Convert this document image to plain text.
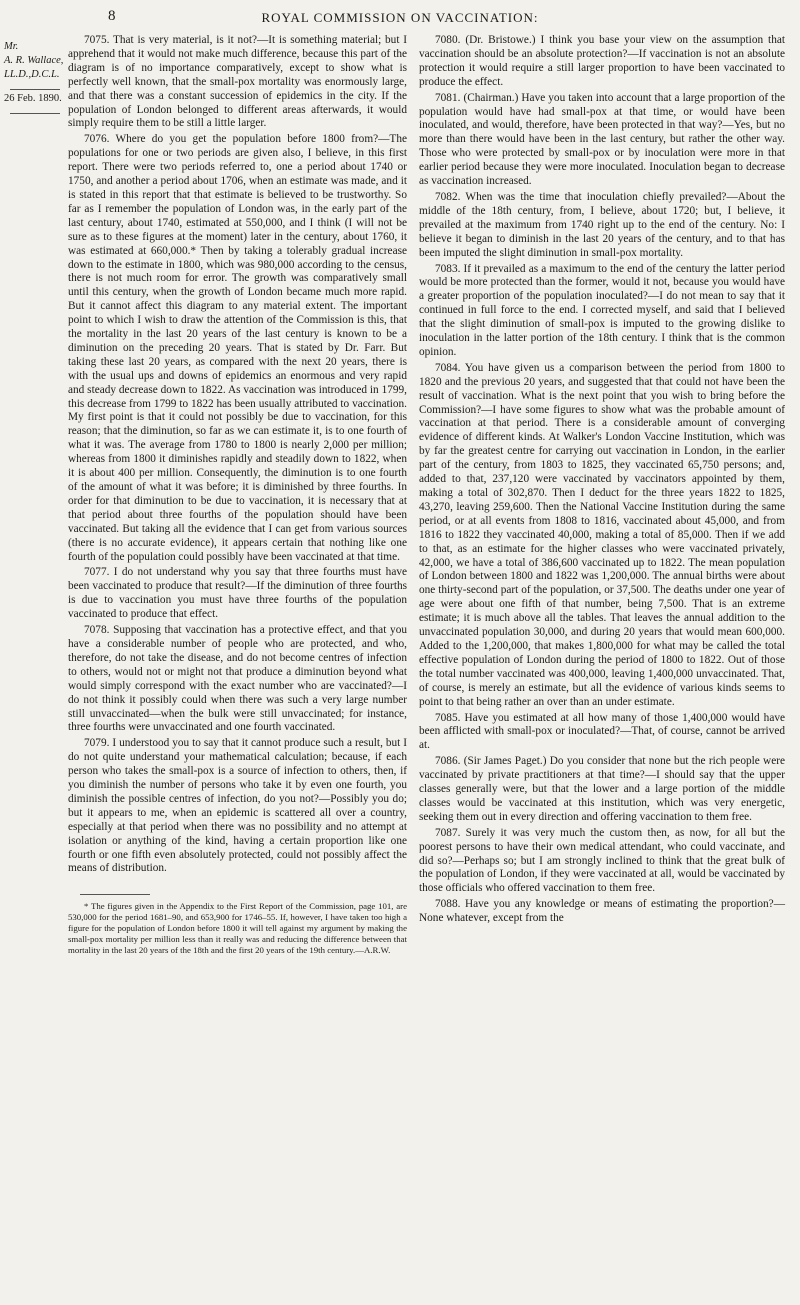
8	ROYAL COMMISSION ON VACCINATION:
Mr.
A. R. Wallace,
LL.D.,D.C.L.
26 Feb. 1890.

7075. That is very material, is it not?—It is something material; but I apprehend that it would not make much difference, because this part of the diagram is of no importance comparatively, except to show what is perfectly well known, that the small-pox mortality was enormously large, and that there was a constant succession of epidemics in the city. If the population of London belonged to different areas afterwards, it would simply require them to be still a little larger.

7076. Where do you get the population before 1800 from?—The populations for one or two periods are given also, I believe, in this first report. There were two periods referred to, one a period about 1740 or 1750, and another a period about 1706, when an estimate was made, and it is stated in this report that that estimate is believed to be trustworthy. So far as I remember the population of London was, in the early part of the last century, about 1740, estimated at 550,000, and I think (I will not be sure as to these figures at the moment) later in the century, about 1760, it was estimated at 660,000.* Then by taking a tolerably gradual increase down to the estimate in 1800, which was 980,000 according to the census, there is not much room for error. The growth was comparatively small until this century, when the growth of London became much more rapid. But it cannot affect this diagram to any material extent. The important point to which I wish to draw the attention of the Commission is this, that the mortality in the last 20 years of the last century is known to be a diminution on the preceding 20 years. That is stated by Dr. Farr. But taking these last 20 years, as compared with the next 20 years, there is with the usual ups and downs of epidemics an enormous and very rapid and steady decrease down to 1822. As vaccination was introduced in 1799, this decrease from 1799 to 1822 has been usually attributed to vaccination. My first point is that it could not possibly be due to vaccination, for this reason; that the diminution, so far as we can estimate it, is to one fourth of what it was. The average from 1780 to 1800 is nearly 2,000 per million; whereas from 1800 it diminishes rapidly and steadily down to 1822, when it is about 400 per million. Consequently, the diminution is to one fourth of the amount of what it was before; it is diminished by three fourths. In order for that diminution to be due to vaccination, it is necessary that at that period about three fourths of the population should have been vaccinated. But taking all the evidence that I can get from various sources (there is no accurate evidence), it appears certain that nothing like one fourth of the population could possibly have been vaccinated at that time.

7077. I do not understand why you say that three fourths must have been vaccinated to produce that result?—If the diminution of three fourths is due to vaccination you must have three fourths of the population vaccinated to produce that effect.

7078. Supposing that vaccination has a protective effect, and that you have a considerable number of people who are protected, and who, therefore, do not take the disease, and do not become centres of infection to others, would not or might not that produce a diminution beyond what would simply correspond with the exact number who are vaccinated?—I do not think it possibly could when there was such a very large number still unvaccinated—when the bulk were still unvaccinated; for instance, three fourths were unvaccinated and one fourth vaccinated.

7079. I understood you to say that it cannot produce such a result, but I do not quite understand your mathematical calculation; because, if each person who takes the small-pox is a source of infection to others, then, if you diminish the number of persons who take it by even one fourth, you diminish the possible centres of infection, do you not?—Possibly you do; but it appears to me, when an epidemic is scattered all over a country, especially at that period when there was no possibility and no attempt at isolation or anything of the kind, having a certain proportion like one fourth or one fifth even absolutely protected, could not possibly affect the means of distribution.

* The figures given in the Appendix to the First Report of the Commission, page 101, are 530,000 for the period 1681–90, and 653,900 for 1746–55. If, however, I have taken too high a figure for the population of London before 1800 it will tell against my argument by making the small-pox mortality per million less than it really was and reducing the difference between that mortality in the last 20 years of the 18th and the first 20 years of the 19th century.—A.R.W.

7080. (Dr. Bristowe.) I think you base your view on the assumption that vaccination should be an absolute protection?—If vaccination is not an absolute protection it would require a still larger proportion to have been vaccinated to produce the effect.

7081. (Chairman.) Have you taken into account that a large proportion of the population would have had small-pox at that time, or would have been inoculated, and would, therefore, have been protected in that way?—Yes, but no more than there would have been in the last century, but rather the other way. Those who were protected by small-pox or by inoculation were more in that earlier period because they were more inoculated. Inoculation began to decrease as vaccination increased.

7082. When was the time that inoculation chiefly prevailed?—About the middle of the 18th century, from, I believe, about 1720; but, I believe, it prevailed at the maximum from 1740 right up to the end of the century. No: I believe it began to diminish in the last 20 years of the century, and to that has been imputed the slight diminution in small-pox mortality.

7083. If it prevailed as a maximum to the end of the century the latter period would be more protected than the former, would it not, because you would have a greater proportion of the population inoculated?—I do not mean to say that it continued in full force to the end. I corrected myself, and said that I believed that the slight diminution of small-pox is imputed to the growing dislike to inoculation in the latter portion of the 18th century. I think that is the common opinion.

7084. You have given us a comparison between the period from 1800 to 1820 and the previous 20 years, and suggested that that could not have been the result of vaccination. What is the next point that you wish to bring before the Commission?—I have some figures to show what was the probable amount of vaccination at that period. There is a considerable amount of converging evidence of different kinds. At Walker's London Vaccine Institution, which was by far the greatest centre for carrying out vaccination in London, in the earlier part of the century, from 1803 to 1825, they vaccinated 65,750 persons; and, added to that, 237,120 were vaccinated by vaccinators appointed by them, making a total of 302,870. Then I deduct for the three years 1822 to 1825, 43,270, leaving 259,600. Then the National Vaccine Institution during the same period, or at all events from 1808 to 1816, vaccinated about 45,000, and from 1816 to 1822 they vaccinated 40,000, making a total of 85,000. Then if we add to that, as an estimate for the higher classes who were vaccinated privately, 42,000, we have a total of 386,600 vaccinated up to 1822. The mean population of London between 1800 and 1822 was 1,200,000. The annual births were about one thirty-second part of the population, or 37,500. The deaths under one year of age were about one fifth of that number, being 7,500. That is an extreme estimate; it is much above all the tables. That leaves the annual addition to the unvaccinated population 30,000, and during 20 years that would mean 600,000. Added to the 1,200,000, that makes 1,800,000 for what may be called the total effective population of London during the period of 1800 to 1822. Out of those the total number vaccinated was 400,000, leaving 1,400,000 unvaccinated. That, of course, is merely an estimate, but all the evidence of various kinds seems to point to that being rather an over than an under estimate.

7085. Have you estimated at all how many of those 1,400,000 would have been afflicted with small-pox or inoculated?—That, of course, cannot be arrived at.

7086. (Sir James Paget.) Do you consider that none but the rich people were vaccinated by private practitioners at that time?—I should say that the upper classes generally were, but that the lower and a large portion of the middle classes would be vaccinated at this institution, which was very energetic, seeking them out in every direction and offering vaccination to them free.

7087. Surely it was very much the custom then, as now, for all but the poorest persons to have their own medical attendant, who could vaccinate, and did so?—Perhaps so; but I am strongly inclined to think that the great bulk of the population of London, if they were vaccinated at all, would be vaccinated by those officials who offered vaccination to them free.

7088. Have you any knowledge or means of estimating the proportion?—None whatever, except from the
